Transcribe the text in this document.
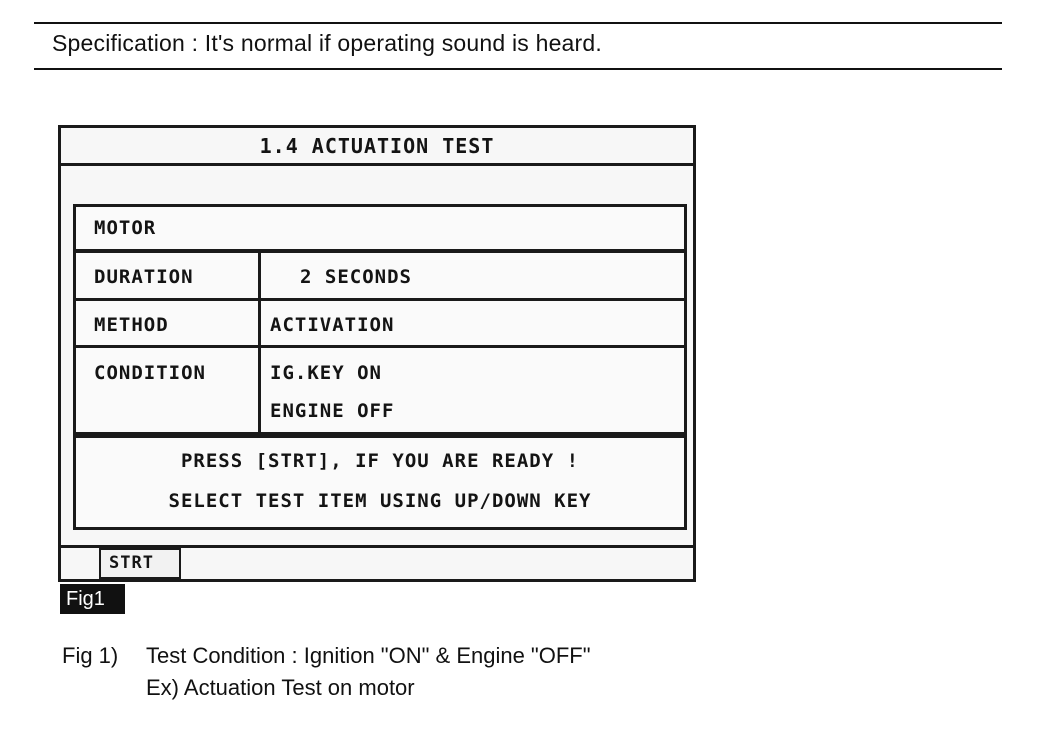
Specification : It's normal if operating sound is heard.
1.4 ACTUATION TEST
MOTOR
DURATION	2 SECONDS
METHOD	ACTIVATION
CONDITION	IG.KEY ON
ENGINE OFF
PRESS [STRT], IF YOU ARE READY !
SELECT TEST ITEM USING UP/DOWN KEY
STRT
Fig1
Fig 1) Test Condition : Ignition "ON" & Engine "OFF"
Ex) Actuation Test on motor
